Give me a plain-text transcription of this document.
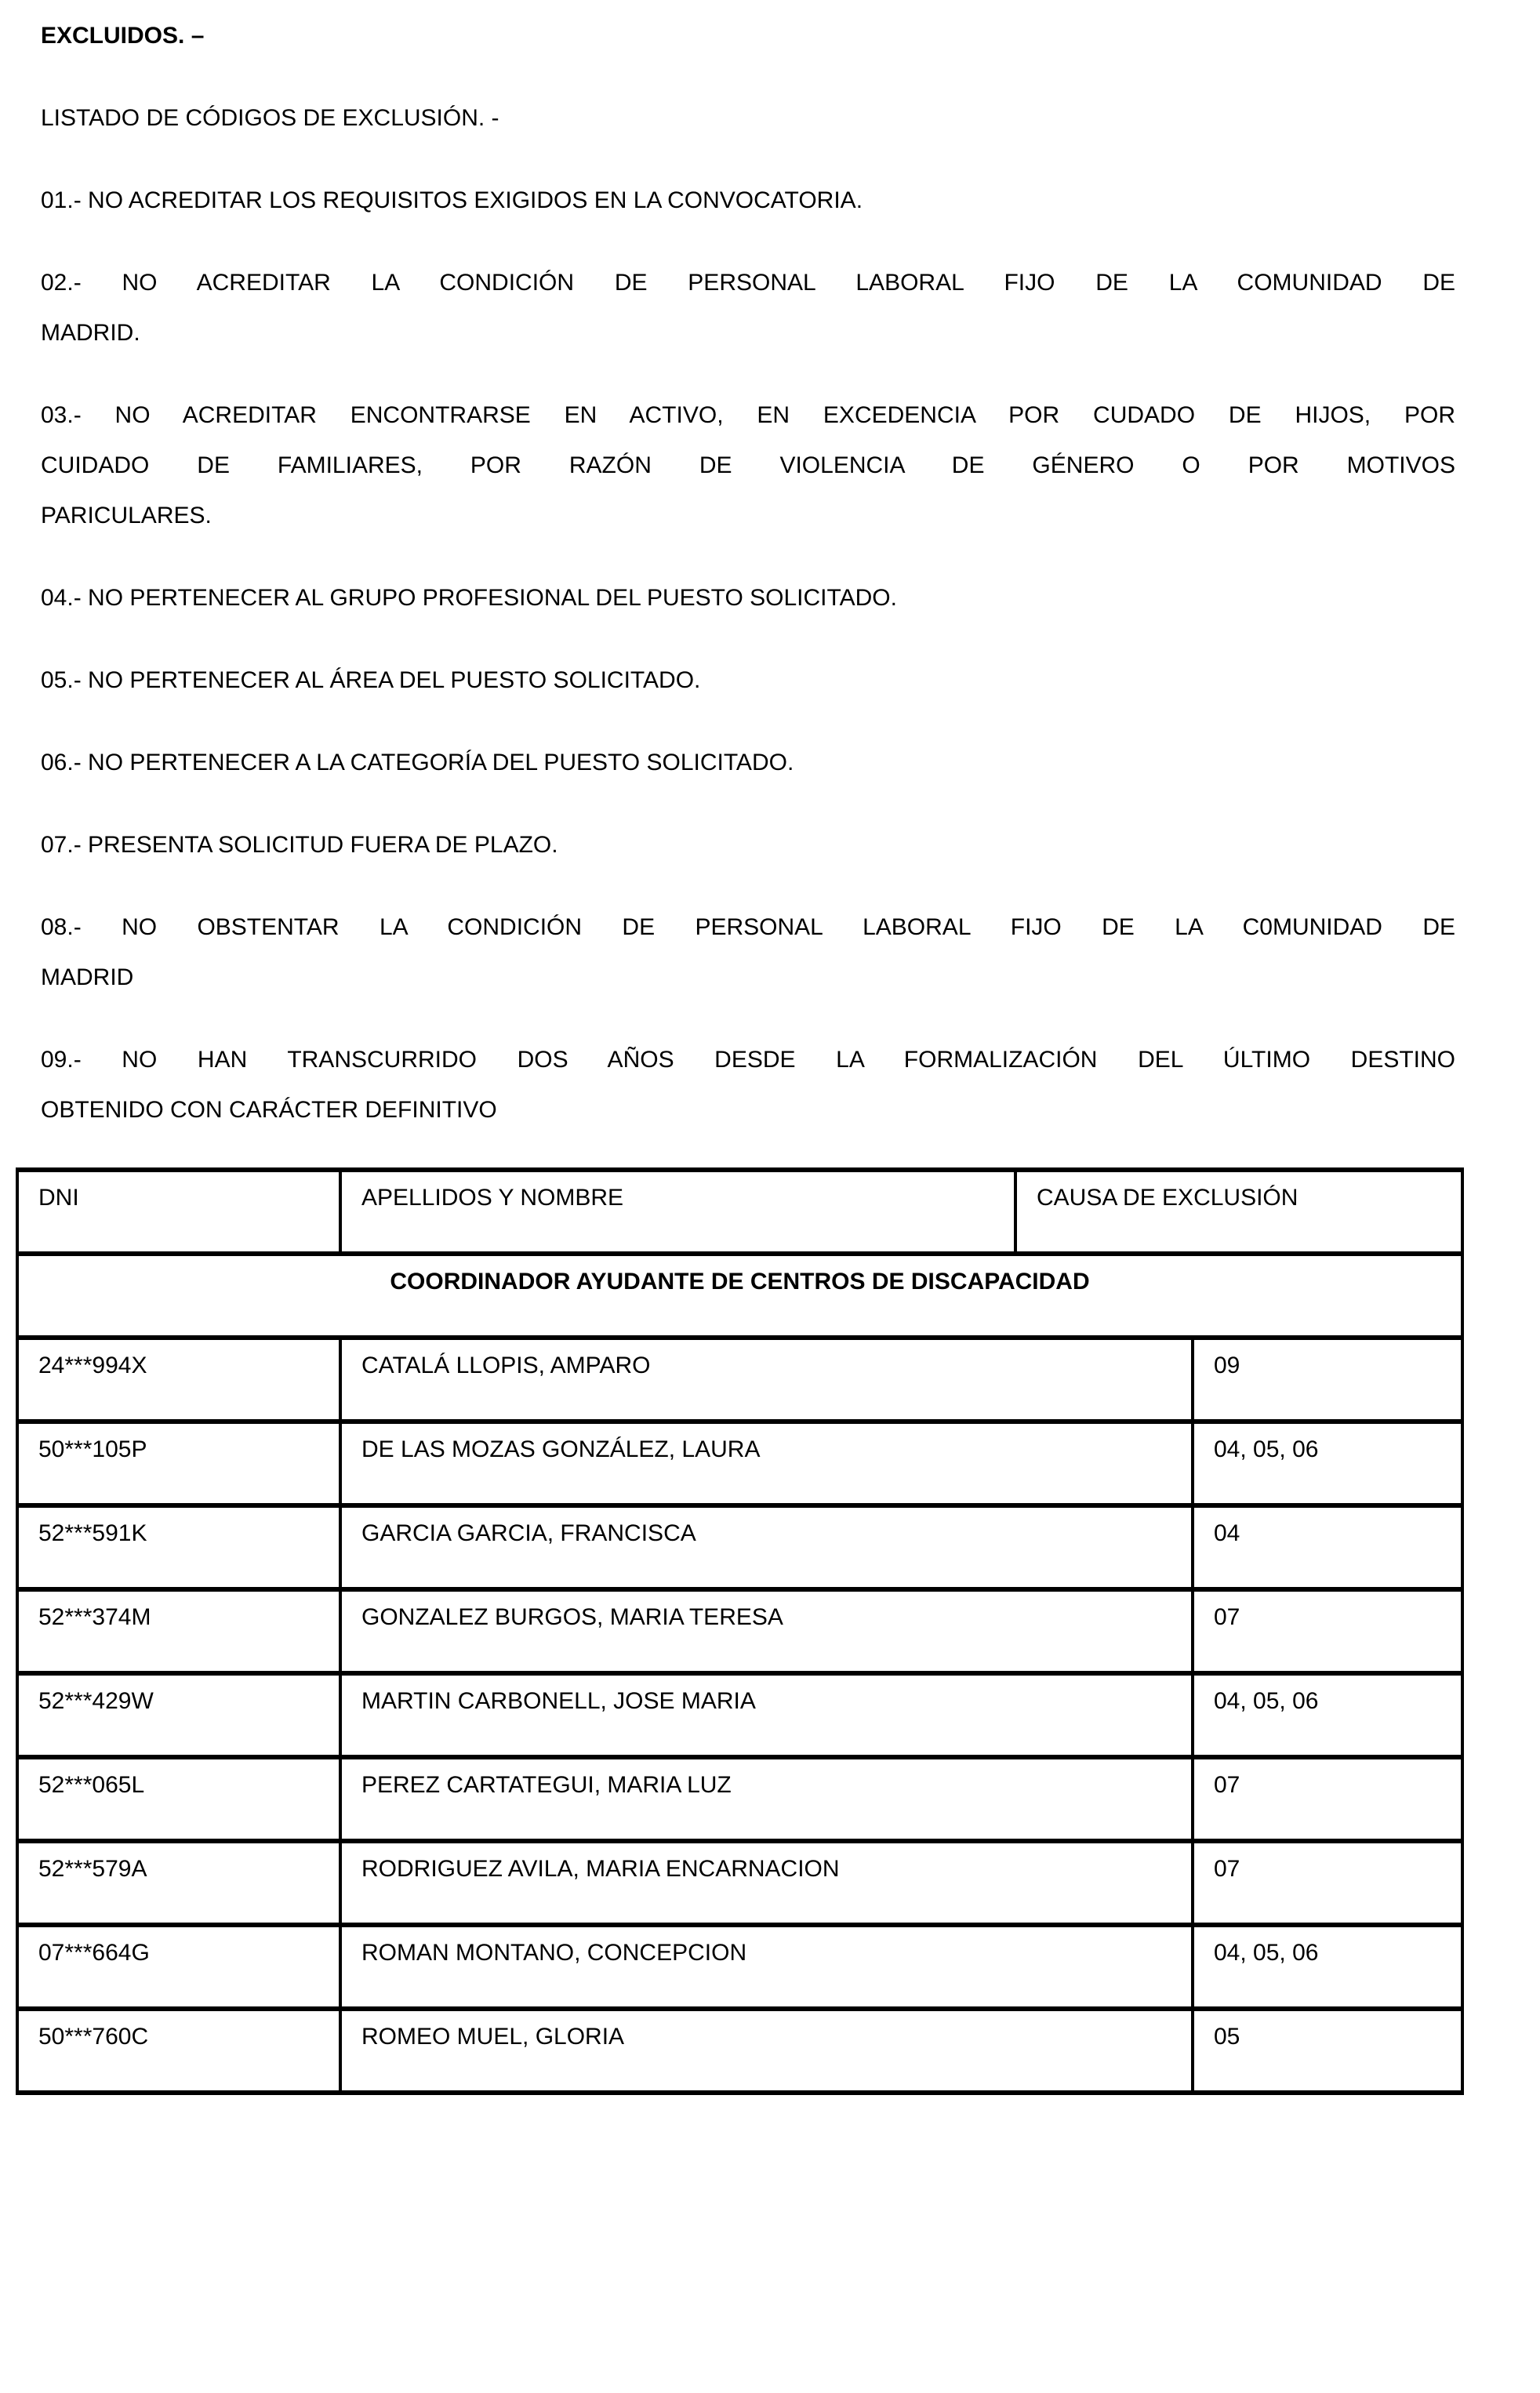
EXCLUIDOS. –
LISTADO DE CÓDIGOS DE EXCLUSIÓN. -
01.- NO ACREDITAR LOS REQUISITOS EXIGIDOS EN LA CONVOCATORIA.
02.- NO ACREDITAR LA CONDICIÓN DE PERSONAL LABORAL FIJO DE LA COMUNIDAD DE
MADRID.
03.- NO ACREDITAR ENCONTRARSE EN ACTIVO, EN EXCEDENCIA POR CUDADO DE HIJOS, POR
CUIDADO DE FAMILIARES, POR RAZÓN DE VIOLENCIA DE GÉNERO O POR MOTIVOS
PARICULARES.
04.- NO PERTENECER AL GRUPO PROFESIONAL DEL PUESTO SOLICITADO.
05.- NO PERTENECER AL ÁREA DEL PUESTO SOLICITADO.
06.- NO PERTENECER A LA CATEGORÍA DEL PUESTO SOLICITADO.
07.- PRESENTA SOLICITUD FUERA DE PLAZO.
08.- NO OBSTENTAR LA CONDICIÓN DE PERSONAL LABORAL FIJO DE LA C0MUNIDAD DE
MADRID
09.- NO HAN TRANSCURRIDO DOS AÑOS DESDE LA FORMALIZACIÓN DEL ÚLTIMO DESTINO
OBTENIDO CON CARÁCTER DEFINITIVO
DNI	APELLIDOS Y NOMBRE	CAUSA DE EXCLUSIÓN	
COORDINADOR AYUDANTE DE CENTROS DE DISCAPACIDAD			
24***994X	CATALÁ LLOPIS, AMPARO		09
50***105P	DE LAS MOZAS GONZÁLEZ, LAURA		04, 05, 06
52***591K	GARCIA GARCIA, FRANCISCA		04
52***374M	GONZALEZ BURGOS, MARIA TERESA		07
52***429W	MARTIN CARBONELL, JOSE MARIA		04, 05, 06
52***065L	PEREZ CARTATEGUI, MARIA LUZ		07
52***579A	RODRIGUEZ AVILA, MARIA ENCARNACION		07
07***664G	ROMAN MONTANO, CONCEPCION		04, 05, 06
50***760C	ROMEO MUEL, GLORIA		05
